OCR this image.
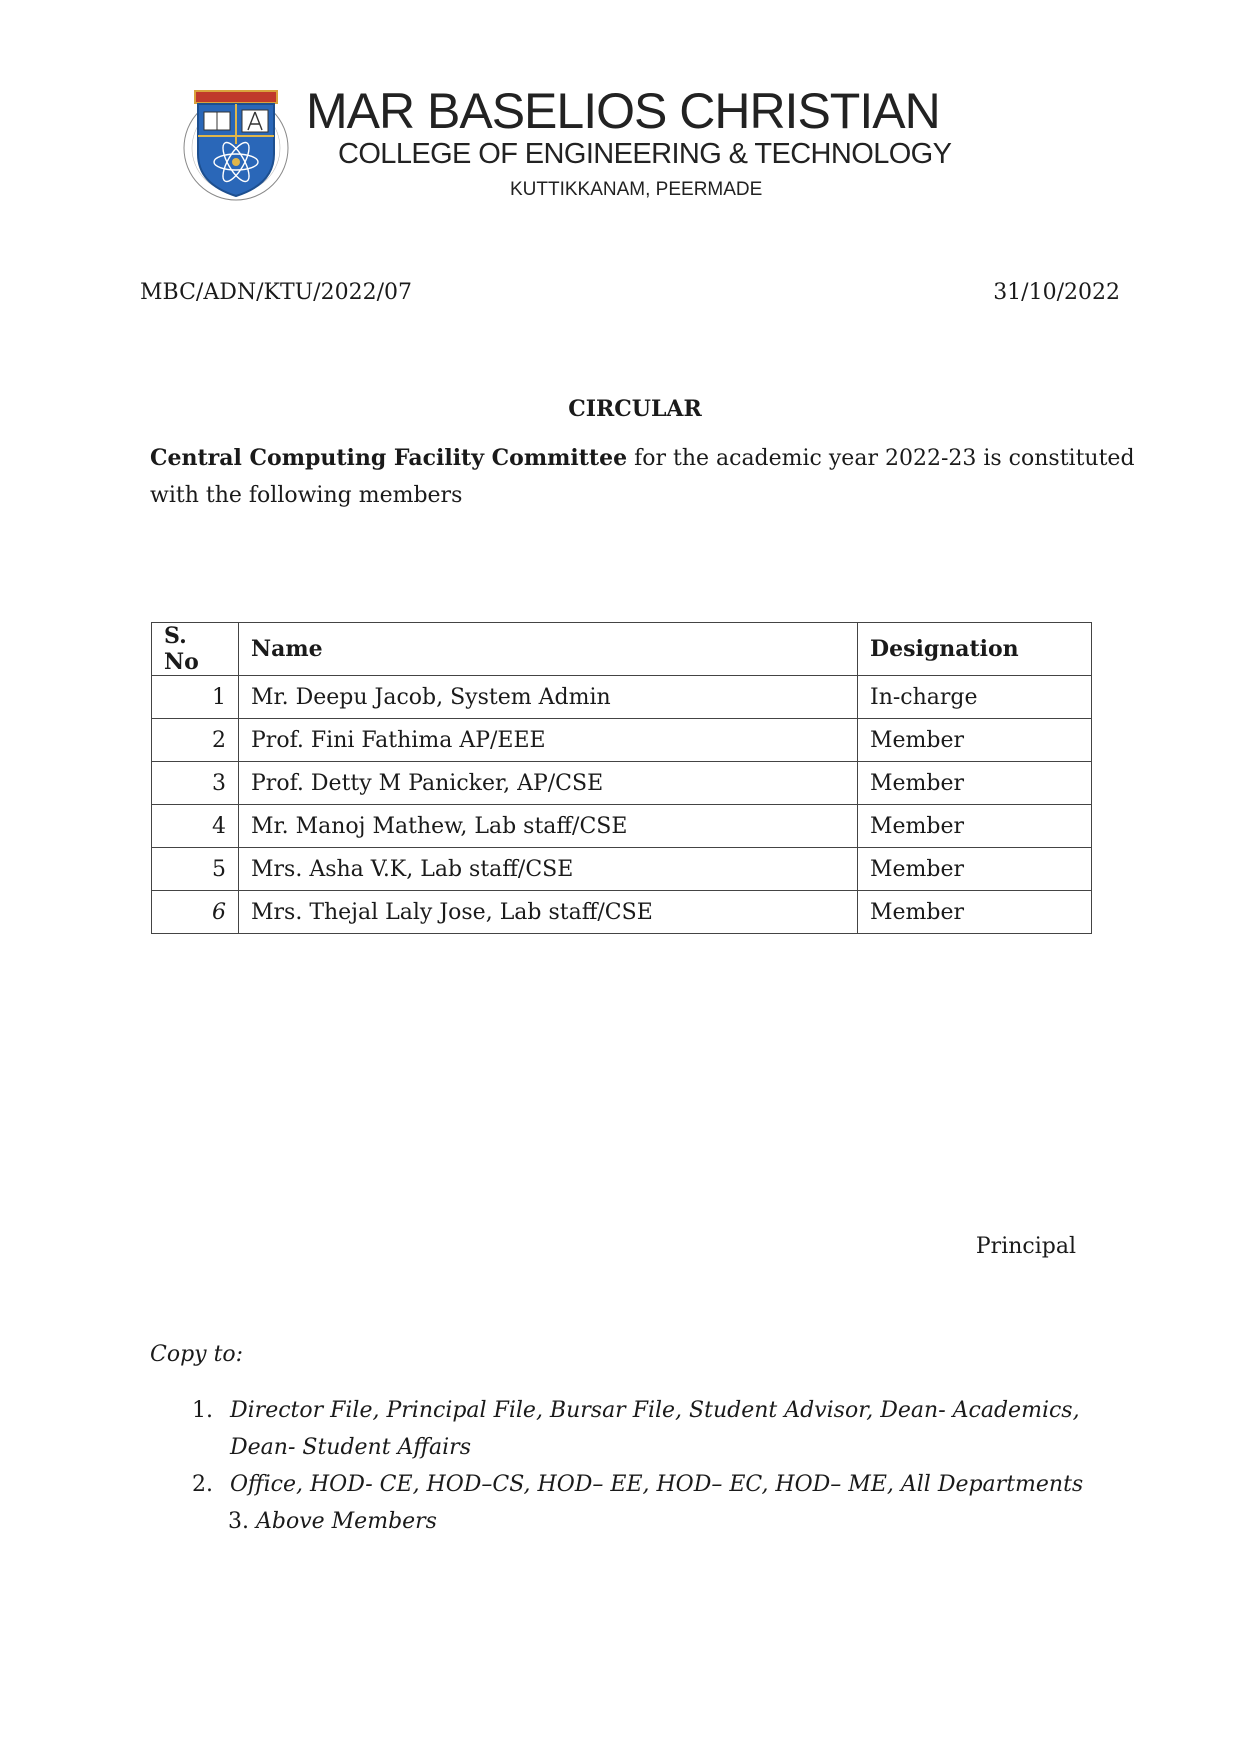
MAR BASELIOS CHRISTIAN
COLLEGE OF ENGINEERING & TECHNOLOGY
KUTTIKKANAM, PEERMADE
MBC/ADN/KTU/2022/07	31/10/2022
CIRCULAR
Central Computing Facility Committee for the academic year 2022-23 is constituted with the following members
S. No	Name	Designation
1	Mr. Deepu Jacob, System Admin	In-charge
2	Prof. Fini Fathima AP/EEE	Member
3	Prof. Detty M Panicker, AP/CSE	Member
4	Mr. Manoj Mathew, Lab staff/CSE	Member
5	Mrs. Asha V.K, Lab staff/CSE	Member
6	Mrs. Thejal Laly Jose, Lab staff/CSE	Member
Principal
Copy to:
1. Director File, Principal File, Bursar File, Student Advisor, Dean- Academics, Dean- Student Affairs
2. Office, HOD- CE, HOD–CS, HOD– EE, HOD– EC, HOD– ME, All Departments
3. Above Members
